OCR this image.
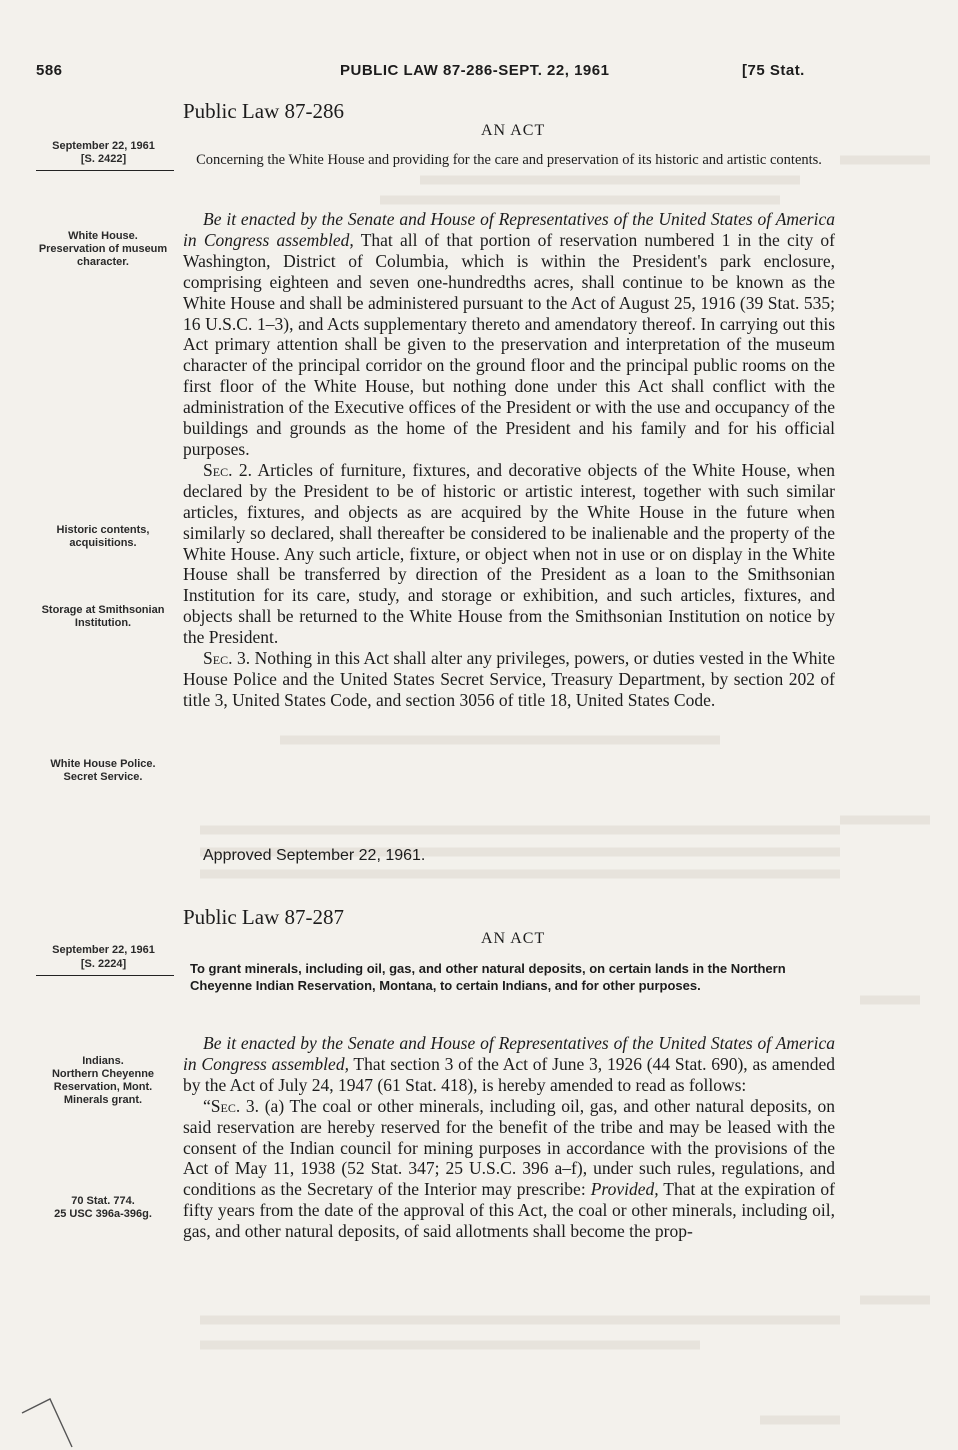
586	PUBLIC LAW 87-286-SEPT. 22, 1961	[75 Stat.
Public Law 87-286
AN ACT
September 22, 1961
[S. 2422]	Concerning the White House and providing for the care and preservation of its historic and artistic contents.
White House.
Preservation of museum character.
Historic contents, acquisitions.
Storage at Smithsonian Institution.
White House Police.
Secret Service.

Be it enacted by the Senate and House of Representatives of the United States of America in Congress assembled, That all of that portion of reservation numbered 1 in the city of Washington, District of Columbia, which is within the President's park enclosure, comprising eighteen and seven one-hundredths acres, shall continue to be known as the White House and shall be administered pursuant to the Act of August 25, 1916 (39 Stat. 535; 16 U.S.C. 1–3), and Acts supplementary thereto and amendatory thereof. In carrying out this Act primary attention shall be given to the preservation and interpretation of the museum character of the principal corridor on the ground floor and the principal public rooms on the first floor of the White House, but nothing done under this Act shall conflict with the administration of the Executive offices of the President or with the use and occupancy of the buildings and grounds as the home of the President and his family and for his official purposes.

Sec. 2. Articles of furniture, fixtures, and decorative objects of the White House, when declared by the President to be of historic or artistic interest, together with such similar articles, fixtures, and objects as are acquired by the White House in the future when similarly so declared, shall thereafter be considered to be inalienable and the property of the White House. Any such article, fixture, or object when not in use or on display in the White House shall be transferred by direction of the President as a loan to the Smithsonian Institution for its care, study, and storage or exhibition, and such articles, fixtures, and objects shall be returned to the White House from the Smithsonian Institution on notice by the President.

Sec. 3. Nothing in this Act shall alter any privileges, powers, or duties vested in the White House Police and the United States Secret Service, Treasury Department, by section 202 of title 3, United States Code, and section 3056 of title 18, United States Code.

Approved September 22, 1961.
Public Law 87-287
AN ACT
September 22, 1961
[S. 2224]	To grant minerals, including oil, gas, and other natural deposits, on certain lands in the Northern Cheyenne Indian Reservation, Montana, to certain Indians, and for other purposes.
Indians.
Northern Cheyenne Reservation, Mont.
Minerals grant.
70 Stat. 774.
25 USC 396a-396g.

Be it enacted by the Senate and House of Representatives of the United States of America in Congress assembled, That section 3 of the Act of June 3, 1926 (44 Stat. 690), as amended by the Act of July 24, 1947 (61 Stat. 418), is hereby amended to read as follows:

“Sec. 3. (a) The coal or other minerals, including oil, gas, and other natural deposits, on said reservation are hereby reserved for the benefit of the tribe and may be leased with the consent of the Indian council for mining purposes in accordance with the provisions of the Act of May 11, 1938 (52 Stat. 347; 25 U.S.C. 396 a–f), under such rules, regulations, and conditions as the Secretary of the Interior may prescribe: Provided, That at the expiration of fifty years from the date of the approval of this Act, the coal or other minerals, including oil, gas, and other natural deposits, of said allotments shall become the prop-
